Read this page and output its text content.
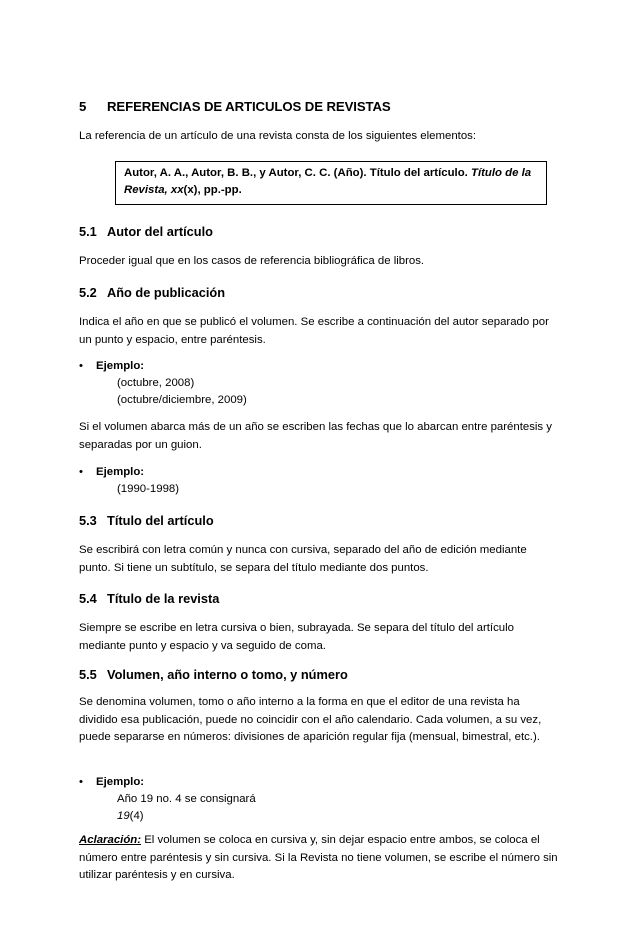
5 REFERENCIAS DE ARTICULOS DE REVISTAS
La referencia de un artículo de una revista consta de los siguientes elementos:
Autor, A. A., Autor, B. B., y Autor, C. C. (Año). Título del artículo. Título de la Revista, xx(x), pp.-pp.
5.1 Autor del artículo
Proceder igual que en los casos de referencia bibliográfica de libros.
5.2 Año de publicación
Indica el año en que se publicó el volumen. Se escribe a continuación del autor separado por un punto y espacio, entre paréntesis.
• Ejemplo:
(octubre, 2008)
(octubre/diciembre, 2009)
Si el volumen abarca más de un año se escriben las fechas que lo abarcan entre paréntesis y separadas por un guion.
• Ejemplo:
(1990-1998)
5.3 Título del artículo
Se escribirá con letra común y nunca con cursiva, separado del año de edición mediante punto. Si tiene un subtítulo, se separa del título mediante dos puntos.
5.4 Título de la revista
Siempre se escribe en letra cursiva o bien, subrayada. Se separa del título del artículo mediante punto y espacio y va seguido de coma.
5.5 Volumen, año interno o tomo, y número
Se denomina volumen, tomo o año interno a la forma en que el editor de una revista ha dividido esa publicación, puede no coincidir con el año calendario. Cada volumen, a su vez, puede separarse en números: divisiones de aparición regular fija (mensual, bimestral, etc.).
• Ejemplo:
Año 19 no. 4 se consignará
19(4)
Aclaración: El volumen se coloca en cursiva y, sin dejar espacio entre ambos, se coloca el número entre paréntesis y sin cursiva. Si la Revista no tiene volumen, se escribe el número sin utilizar paréntesis y en cursiva.
